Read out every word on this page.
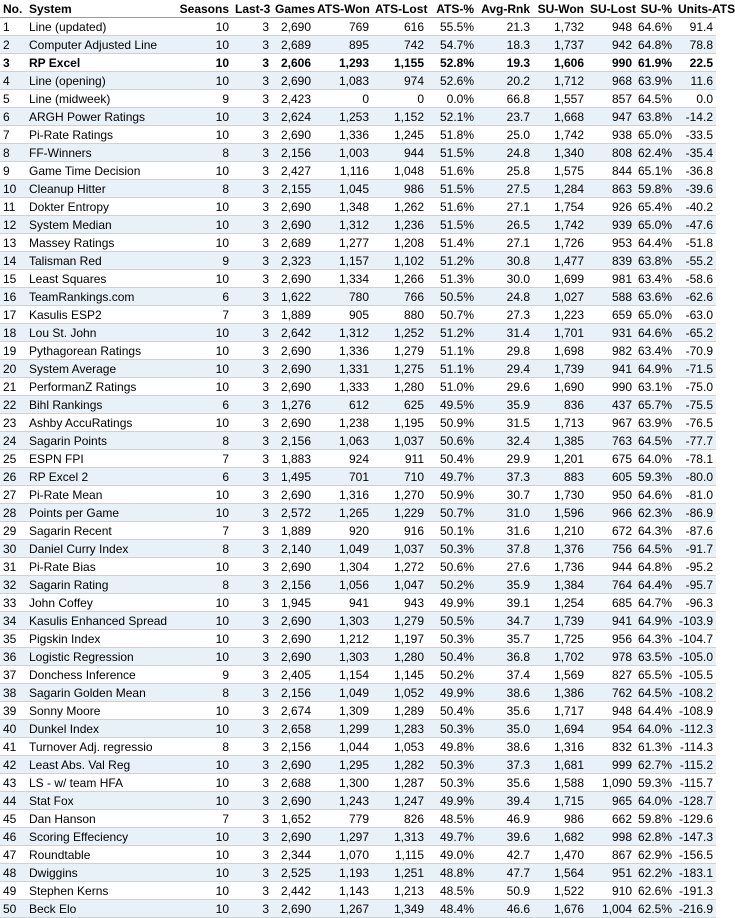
No.	System	Seasons	Last-3	Games	ATS-Won	ATS-Lost	ATS-%	Avg-Rnk	SU-Won	SU-Lost	SU-%	Units-ATS
1	Line (updated)	10	3	2,690	769	616	55.5%	21.3	1,732	948	64.6%	91.4
2	Computer Adjusted Line	10	3	2,689	895	742	54.7%	18.3	1,737	942	64.8%	78.8
3	RP Excel	10	3	2,606	1,293	1,155	52.8%	19.3	1,606	990	61.9%	22.5
4	Line (opening)	10	3	2,690	1,083	974	52.6%	20.2	1,712	968	63.9%	11.6
5	Line (midweek)	9	3	2,423	0	0	0.0%	66.8	1,557	857	64.5%	0.0
6	ARGH Power Ratings	10	3	2,624	1,253	1,152	52.1%	23.7	1,668	947	63.8%	-14.2
7	Pi-Rate Ratings	10	3	2,690	1,336	1,245	51.8%	25.0	1,742	938	65.0%	-33.5
8	FF-Winners	8	3	2,156	1,003	944	51.5%	24.8	1,340	808	62.4%	-35.4
9	Game Time Decision	10	3	2,427	1,116	1,048	51.6%	25.8	1,575	844	65.1%	-36.8
10	Cleanup Hitter	8	3	2,155	1,045	986	51.5%	27.5	1,284	863	59.8%	-39.6
11	Dokter Entropy	10	3	2,690	1,348	1,262	51.6%	27.1	1,754	926	65.4%	-40.2
12	System Median	10	3	2,690	1,312	1,236	51.5%	26.5	1,742	939	65.0%	-47.6
13	Massey Ratings	10	3	2,689	1,277	1,208	51.4%	27.1	1,726	953	64.4%	-51.8
14	Talisman Red	9	3	2,323	1,157	1,102	51.2%	30.8	1,477	839	63.8%	-55.2
15	Least Squares	10	3	2,690	1,334	1,266	51.3%	30.0	1,699	981	63.4%	-58.6
16	TeamRankings.com	6	3	1,622	780	766	50.5%	24.8	1,027	588	63.6%	-62.6
17	Kasulis ESP2	7	3	1,889	905	880	50.7%	27.3	1,223	659	65.0%	-63.0
18	Lou St. John	10	3	2,642	1,312	1,252	51.2%	31.4	1,701	931	64.6%	-65.2
19	Pythagorean Ratings	10	3	2,690	1,336	1,279	51.1%	29.8	1,698	982	63.4%	-70.9
20	System Average	10	3	2,690	1,331	1,275	51.1%	29.4	1,739	941	64.9%	-71.5
21	PerformanZ Ratings	10	3	2,690	1,333	1,280	51.0%	29.6	1,690	990	63.1%	-75.0
22	Bihl Rankings	6	3	1,276	612	625	49.5%	35.9	836	437	65.7%	-75.5
23	Ashby AccuRatings	10	3	2,690	1,238	1,195	50.9%	31.5	1,713	967	63.9%	-76.5
24	Sagarin Points	8	3	2,156	1,063	1,037	50.6%	32.4	1,385	763	64.5%	-77.7
25	ESPN FPI	7	3	1,883	924	911	50.4%	29.9	1,201	675	64.0%	-78.1
26	RP Excel 2	6	3	1,495	701	710	49.7%	37.3	883	605	59.3%	-80.0
27	Pi-Rate Mean	10	3	2,690	1,316	1,270	50.9%	30.7	1,730	950	64.6%	-81.0
28	Points per Game	10	3	2,572	1,265	1,229	50.7%	31.0	1,596	966	62.3%	-86.9
29	Sagarin Recent	7	3	1,889	920	916	50.1%	31.6	1,210	672	64.3%	-87.6
30	Daniel Curry Index	8	3	2,140	1,049	1,037	50.3%	37.8	1,376	756	64.5%	-91.7
31	Pi-Rate Bias	10	3	2,690	1,304	1,272	50.6%	27.6	1,736	944	64.8%	-95.2
32	Sagarin Rating	8	3	2,156	1,056	1,047	50.2%	35.9	1,384	764	64.4%	-95.7
33	John Coffey	10	3	1,945	941	943	49.9%	39.1	1,254	685	64.7%	-96.3
34	Kasulis Enhanced Spread	10	3	2,690	1,303	1,279	50.5%	34.7	1,739	941	64.9%	-103.9
35	Pigskin Index	10	3	2,690	1,212	1,197	50.3%	35.7	1,725	956	64.3%	-104.7
36	Logistic Regression	10	3	2,690	1,303	1,280	50.4%	36.8	1,702	978	63.5%	-105.0
37	Donchess Inference	9	3	2,405	1,154	1,145	50.2%	37.4	1,569	827	65.5%	-105.5
38	Sagarin Golden Mean	8	3	2,156	1,049	1,052	49.9%	38.6	1,386	762	64.5%	-108.2
39	Sonny Moore	10	3	2,674	1,309	1,289	50.4%	35.6	1,717	948	64.4%	-108.9
40	Dunkel Index	10	3	2,658	1,299	1,283	50.3%	35.0	1,694	954	64.0%	-112.3
41	Turnover Adj. regressio	8	3	2,156	1,044	1,053	49.8%	38.6	1,316	832	61.3%	-114.3
42	Least Abs. Val Reg	10	3	2,690	1,295	1,282	50.3%	37.3	1,681	999	62.7%	-115.2
43	LS - w/ team HFA	10	3	2,688	1,300	1,287	50.3%	35.6	1,588	1,090	59.3%	-115.7
44	Stat Fox	10	3	2,690	1,243	1,247	49.9%	39.4	1,715	965	64.0%	-128.7
45	Dan Hanson	7	3	1,652	779	826	48.5%	46.9	986	662	59.8%	-129.6
46	Scoring Effeciency	10	3	2,690	1,297	1,313	49.7%	39.6	1,682	998	62.8%	-147.3
47	Roundtable	10	3	2,344	1,070	1,115	49.0%	42.7	1,470	867	62.9%	-156.5
48	Dwiggins	10	3	2,525	1,193	1,251	48.8%	47.7	1,564	951	62.2%	-183.1
49	Stephen Kerns	10	3	2,442	1,143	1,213	48.5%	50.9	1,522	910	62.6%	-191.3
50	Beck Elo	10	3	2,690	1,267	1,349	48.4%	46.6	1,676	1,004	62.5%	-216.9
